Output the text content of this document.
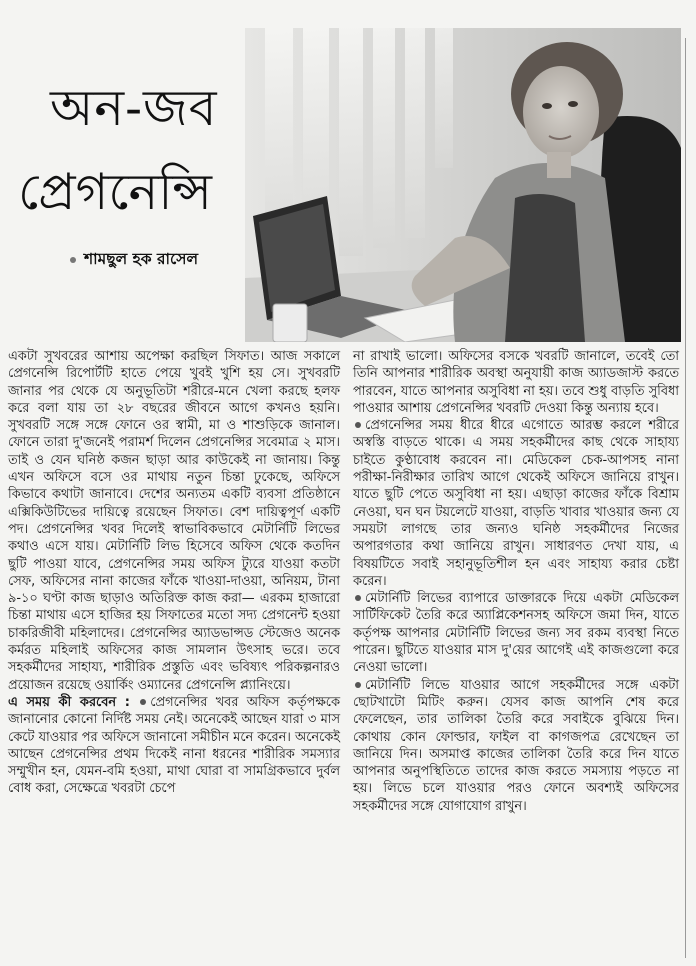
অন-জব
প্রেগনেন্সি
শামছুল হক রাসেল

একটা সুখবরের আশায় অপেক্ষা করছিল সিফাত। আজ সকালে প্রেগনেন্সি রিপোর্টটি হাতে পেয়ে খুবই খুশি হয় সে। সুখবরটি জানার পর থেকে যে অনুভূতিটা শরীরে-মনে খেলা করছে হলফ করে বলা যায় তা ২৮ বছরের জীবনে আগে কখনও হয়নি। সুখবরটি সঙ্গে সঙ্গে ফোনে ওর স্বামী, মা ও শাশুড়িকে জানাল। ফোনে তারা দু'জনেই পরামর্শ দিলেন প্রেগনেন্সির সবেমাত্র ২ মাস। তাই ও যেন ঘনিষ্ঠ কজন ছাড়া আর কাউকেই না জানায়। কিন্তু এখন অফিসে বসে ওর মাথায় নতুন চিন্তা ঢুকেছে, অফিসে কিভাবে কথাটা জানাবে। দেশের অন্যতম একটি ব্যবসা প্রতিষ্ঠানে এক্সিকিউটিভের দায়িত্বে রয়েছেন সিফাত। বেশ দায়িত্বপূর্ণ একটি পদ। প্রেগনেন্সির খবর দিলেই স্বাভাবিকভাবে মেটার্নিটি লিভের কথাও এসে যায়। মেটার্নিটি লিভ হিসেবে অফিস থেকে কতদিন ছুটি পাওয়া যাবে, প্রেগনেন্সির সময় অফিস ট্যুরে যাওয়া কতটা সেফ, অফিসের নানা কাজের ফাঁকে খাওয়া-দাওয়া, অনিয়ম, টানা ৯-১০ ঘণ্টা কাজ ছাড়াও অতিরিক্ত কাজ করা— এরকম হাজারো চিন্তা মাথায় এসে হাজির হয় সিফাতের মতো সদ্য প্রেগনেন্ট হওয়া চাকরিজীবী মহিলাদের। প্রেগনেন্সির অ্যাডভান্সড স্টেজেও অনেক কর্মরত মহিলাই অফিসের কাজ সামলান উৎসাহ ভরে। তবে সহকর্মীদের সাহায্য, শারীরিক প্রস্তুতি এবং ভবিষ্যৎ পরিকল্পনারও প্রয়োজন রয়েছে ওয়ার্কিং ওম্যানের প্রেগনেন্সি প্ল্যানিংয়ে।

এ সময় কী করবেন : প্রেগনেন্সির খবর অফিস কর্তৃপক্ষকে জানানোর কোনো নির্দিষ্ট সময় নেই। অনেকেই আছেন যারা ৩ মাস কেটে যাওয়ার পর অফিসে জানানো সমীচীন মনে করেন। অনেকেই আছেন প্রেগনেন্সির প্রথম দিকেই নানা ধরনের শারীরিক সমস্যার সম্মুখীন হন, যেমন-বমি হওয়া, মাথা ঘোরা বা সামগ্রিকভাবে দুর্বল বোধ করা, সেক্ষেত্রে খবরটা চেপে

না রাখাই ভালো। অফিসের বসকে খবরটি জানালে, তবেই তো তিনি আপনার শারীরিক অবস্থা অনুযায়ী কাজ অ্যাডজাস্ট করতে পারবেন, যাতে আপনার অসুবিধা না হয়। তবে শুধু বাড়তি সুবিধা পাওয়ার আশায় প্রেগনেন্সির খবরটি দেওয়া কিন্তু অন্যায় হবে।

প্রেগনেন্সির সময় ধীরে ধীরে এগোতে আরম্ভ করলে শরীরে অস্বস্তি বাড়তে থাকে। এ সময় সহকর্মীদের কাছ থেকে সাহায্য চাইতে কুণ্ঠাবোধ করবেন না। মেডিকেল চেক-আপসহ নানা পরীক্ষা-নিরীক্ষার তারিখ আগে থেকেই অফিসে জানিয়ে রাখুন। যাতে ছুটি পেতে অসুবিধা না হয়। এছাড়া কাজের ফাঁকে বিশ্রাম নেওয়া, ঘন ঘন টয়লেটে যাওয়া, বাড়তি খাবার খাওয়ার জন্য যে সময়টা লাগছে তার জন্যও ঘনিষ্ঠ সহকর্মীদের নিজের অপারগতার কথা জানিয়ে রাখুন। সাধারণত দেখা যায়, এ বিষয়টিতে সবাই সহানুভূতিশীল হন এবং সাহায্য করার চেষ্টা করেন।

মেটার্নিটি লিভের ব্যাপারে ডাক্তারকে দিয়ে একটা মেডিকেল সার্টিফিকেট তৈরি করে অ্যাপ্লিকেশনসহ অফিসে জমা দিন, যাতে কর্তৃপক্ষ আপনার মেটার্নিটি লিভের জন্য সব রকম ব্যবস্থা নিতে পারেন। ছুটিতে যাওয়ার মাস দু'য়ের আগেই এই কাজগুলো করে নেওয়া ভালো।

মেটার্নিটি লিভে যাওয়ার আগে সহকর্মীদের সঙ্গে একটা ছোটখাটো মিটিং করুন। যেসব কাজ আপনি শেষ করে ফেলেছেন, তার তালিকা তৈরি করে সবাইকে বুঝিয়ে দিন। কোথায় কোন ফোল্ডার, ফাইল বা কাগজপত্র রেখেছেন তা জানিয়ে দিন। অসমাপ্ত কাজের তালিকা তৈরি করে দিন যাতে আপনার অনুপস্থিতিতে তাদের কাজ করতে সমস্যায় পড়তে না হয়। লিভে চলে যাওয়ার পরও ফোনে অবশ্যই অফিসের সহকর্মীদের সঙ্গে যোগাযোগ রাখুন।
